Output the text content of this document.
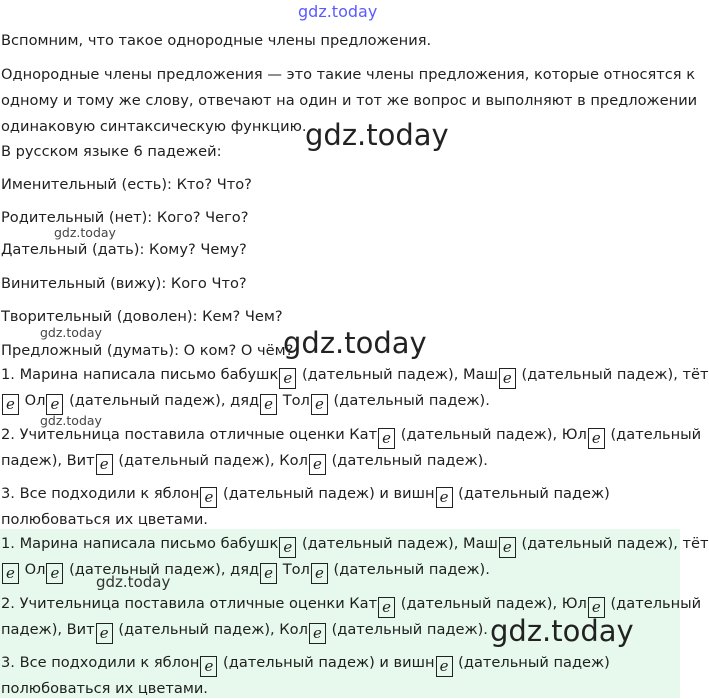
gdz.today
Вспомним, что такое однородные члены предложения.
Однородные члены предложения — это такие члены предложения, которые относятся к
одному и тому же слову, отвечают на один и тот же вопрос и выполняют в предложении
одинаковую синтаксическую функцию.
В русском языке 6 падежей:
Именительный (есть): Кто? Что?
Родительный (нет): Кого? Чего?
Дательный (дать): Кому? Чему?
Винительный (вижу): Кого Что?
Творительный (доволен): Кем? Чем?
Предложный (думать): О ком? О чём?
1. Марина написала письмо бабушк е (дательный падеж), Маш е (дательный падеж), тёт
е Ол е (дательный падеж), дяд е Тол е (дательный падеж).
2. Учительница поставила отличные оценки Кат е (дательный падеж), Юл е (дательный
падеж), Вит е (дательный падеж), Кол е (дательный падеж).
3. Все подходили к яблон е (дательный падеж) и вишн е (дательный падеж)
полюбоваться их цветами.
1. Марина написала письмо бабушк е (дательный падеж), Маш е (дательный падеж), тёт
е Ол е (дательный падеж), дяд е Тол е (дательный падеж).
2. Учительница поставила отличные оценки Кат е (дательный падеж), Юл е (дательный
падеж), Вит е (дательный падеж), Кол е (дательный падеж).
3. Все подходили к яблон е (дательный падеж) и вишн е (дательный падеж)
полюбоваться их цветами.
gdz.today
gdz.today
gdz.today	gdz.today
gdz.today
gdz.today
gdz.today
